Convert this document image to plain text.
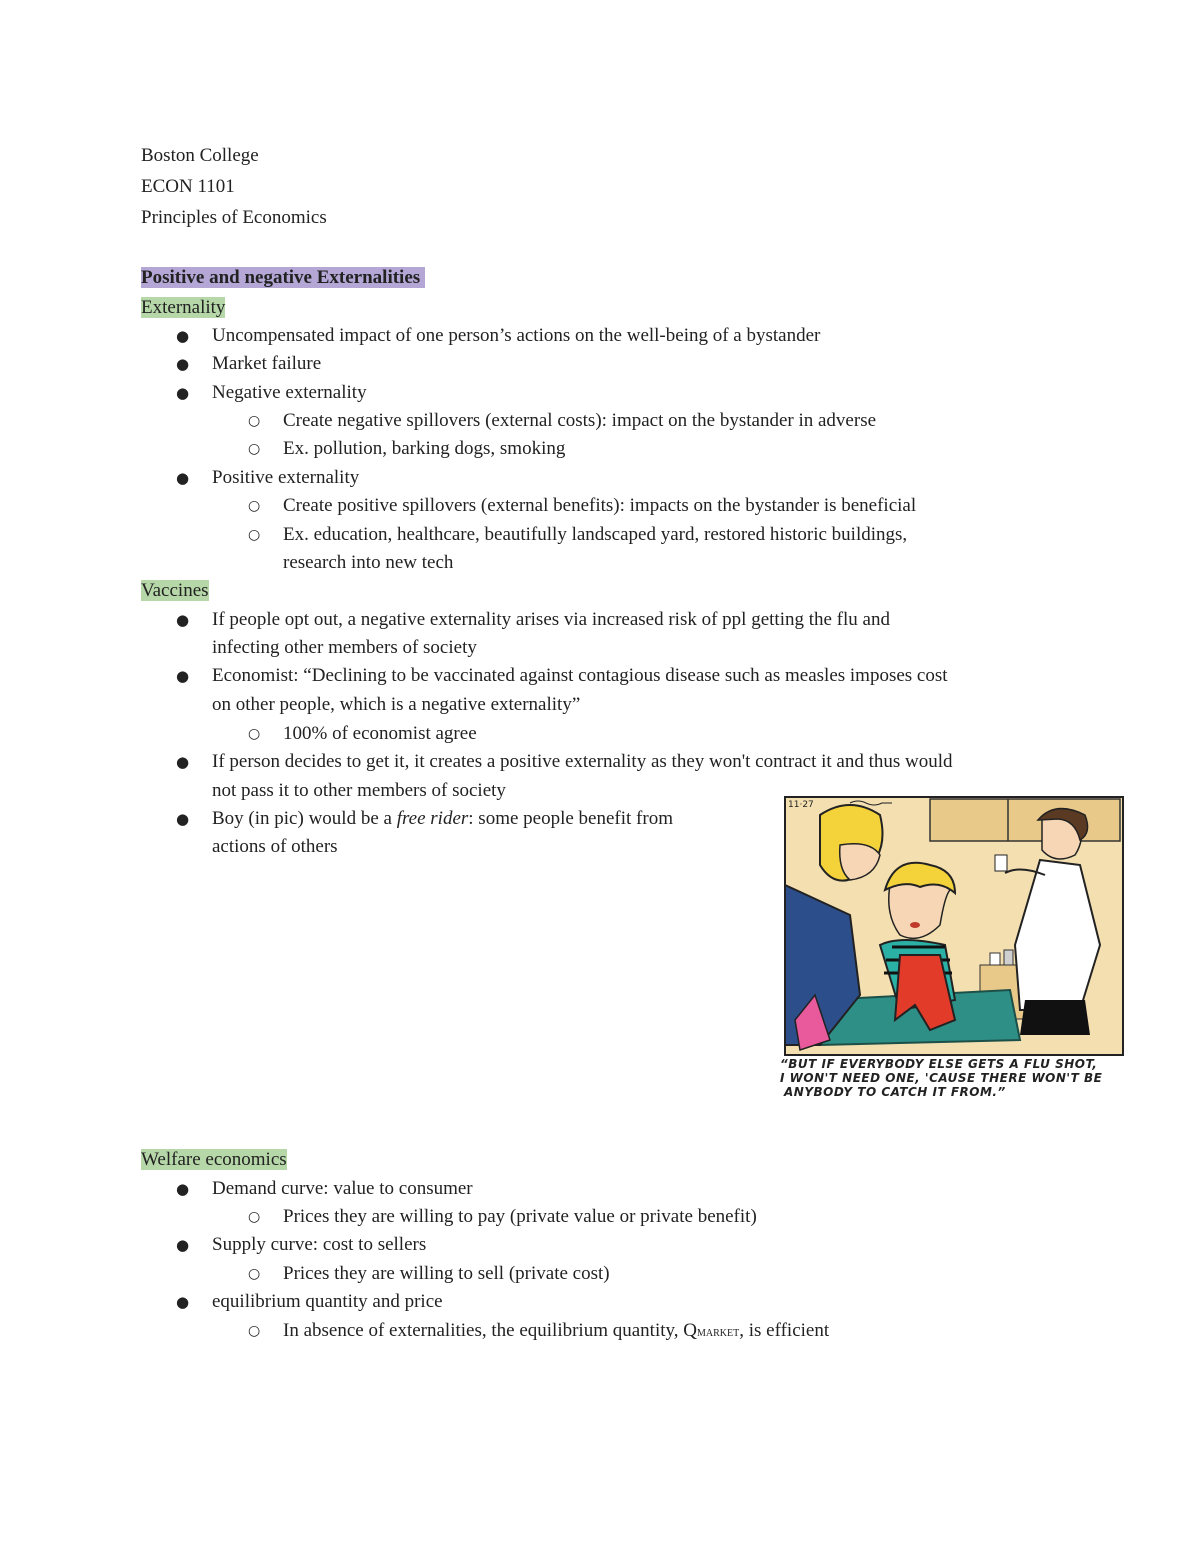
Boston College
ECON 1101
Principles of Economics
Positive and negative Externalities
Externality
● Uncompensated impact of one person’s actions on the well-being of a bystander
● Market failure
● Negative externality
○ Create negative spillovers (external costs): impact on the bystander in adverse
○ Ex. pollution, barking dogs, smoking
● Positive externality
○ Create positive spillovers (external benefits): impacts on the bystander is beneficial
○ Ex. education, healthcare, beautifully landscaped yard, restored historic buildings,
research into new tech
Vaccines
● If people opt out, a negative externality arises via increased risk of ppl getting the flu and
infecting other members of society
● Economist: “Declining to be vaccinated against contagious disease such as measles imposes cost
on other people, which is a negative externality”
○ 100% of economist agree
● If person decides to get it, it creates a positive externality as they won't contract it and thus would
not pass it to other members of society
● Boy (in pic) would be a free rider: some people benefit from
actions of others
11·27
“BUT IF EVERYBODY ELSE GETS A FLU SHOT,
I WON'T NEED ONE, 'CAUSE THERE WON'T BE
ANYBODY TO CATCH IT FROM.”
Welfare economics
● Demand curve: value to consumer
○ Prices they are willing to pay (private value or private benefit)
● Supply curve: cost to sellers
○ Prices they are willing to sell (private cost)
● equilibrium quantity and price
○ In absence of externalities, the equilibrium quantity, Qmarket, is efficient
